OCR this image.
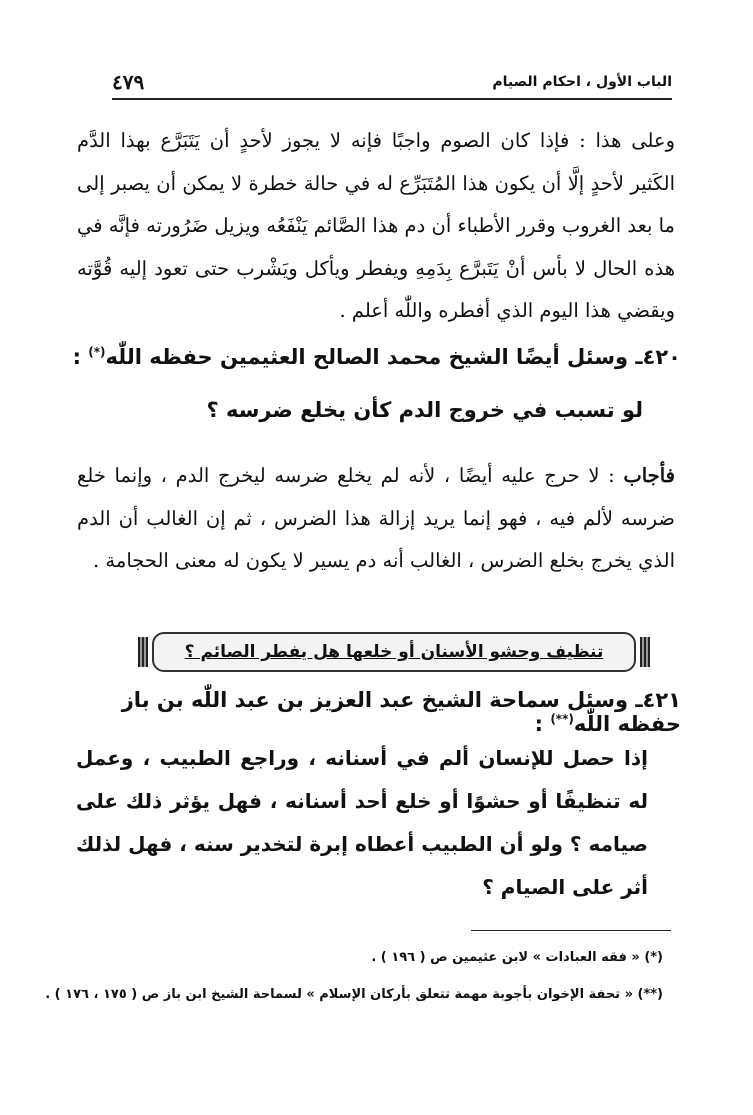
الباب الأول ، احكام الصيام
٤٧٩
وعلى هذا : فإذا كان الصوم واجبًا فإنه لا يجوز لأحدٍ أن يَتَبَرَّع بهذا الدَّم الكَثير لأحدٍ إلَّا أن يكون هذا المُتَبَرِّع له في حالة خطرة لا يمكن أن يصبر إلى ما بعد الغروب وقرر الأطباء أن دم هذا الصَّائم يَنْفَعُه ويزيل ضَرُورته فإنَّه في هذه الحال لا بأس أنْ يَتَبرَّع بِدَمِهِ ويفطر ويأكل ويَشْرب حتى تعود إليه قُوَّته ويقضي هذا اليوم الذي أفطره واللّٰه أعلم .
٤٢٠ـ وسئل أيضًا الشيخ محمد الصالح العثيمين حفظه اللّٰه(*) :
لو تسبب في خروج الدم كأن يخلع ضرسه ؟
فأجاب : لا حرج عليه أيضًا ، لأنه لم يخلع ضرسه ليخرج الدم ، وإنما خلع ضرسه لألم فيه ، فهو إنما يريد إزالة هذا الضرس ، ثم إن الغالب أن الدم الذي يخرج بخلع الضرس ، الغالب أنه دم يسير لا يكون له معنى الحجامة .
تنظيف وحشو الأسنان أو خلعها هل يفطر الصائم ؟
٤٢١ـ وسئل سماحة الشيخ عبد العزيز بن عبد اللّٰه بن باز حفظه اللّٰه(**) :
إذا حصل للإنسان ألم في أسنانه ، وراجع الطبيب ، وعمل له تنظيفًا أو حشوًا أو خلع أحد أسنانه ، فهل يؤثر ذلك على صيامه ؟ ولو أن الطبيب أعطاه إبرة لتخدير سنه ، فهل لذلك أثر على الصيام ؟
(*) « فقه العبادات » لابن عثيمين ص ( ١٩٦ ) .
(**) « تحفة الإخوان بأجوبة مهمة تتعلق بأركان الإسلام » لسماحة الشيخ ابن باز ص ( ١٧٥ ، ١٧٦ ) .
